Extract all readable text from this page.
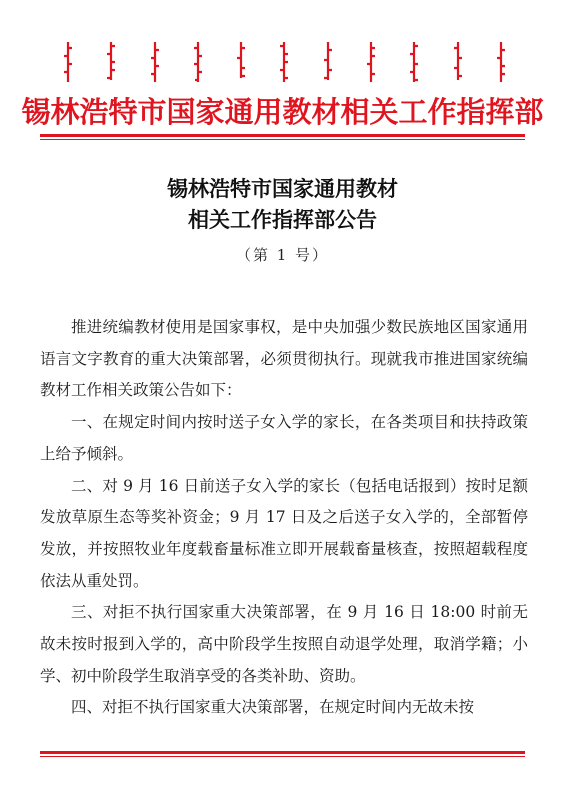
锡林浩特市国家通用教材相关工作指挥部
锡林浩特市国家通用教材
相关工作指挥部公告
（第 1 号）

推进统编教材使用是国家事权，是中央加强少数民族地区国家通用语言文字教育的重大决策部署，必须贯彻执行。现就我市推进国家统编教材工作相关政策公告如下：

一、在规定时间内按时送子女入学的家长，在各类项目和扶持政策上给予倾斜。

二、对 9 月 16 日前送子女入学的家长（包括电话报到）按时足额发放草原生态等奖补资金；9 月 17 日及之后送子女入学的，全部暂停发放，并按照牧业年度载畜量标准立即开展载畜量核查，按照超载程度依法从重处罚。

三、对拒不执行国家重大决策部署，在 9 月 16 日 18:00 时前无故未按时报到入学的，高中阶段学生按照自动退学处理，取消学籍；小学、初中阶段学生取消享受的各类补助、资助。

四、对拒不执行国家重大决策部署，在规定时间内无故未按
